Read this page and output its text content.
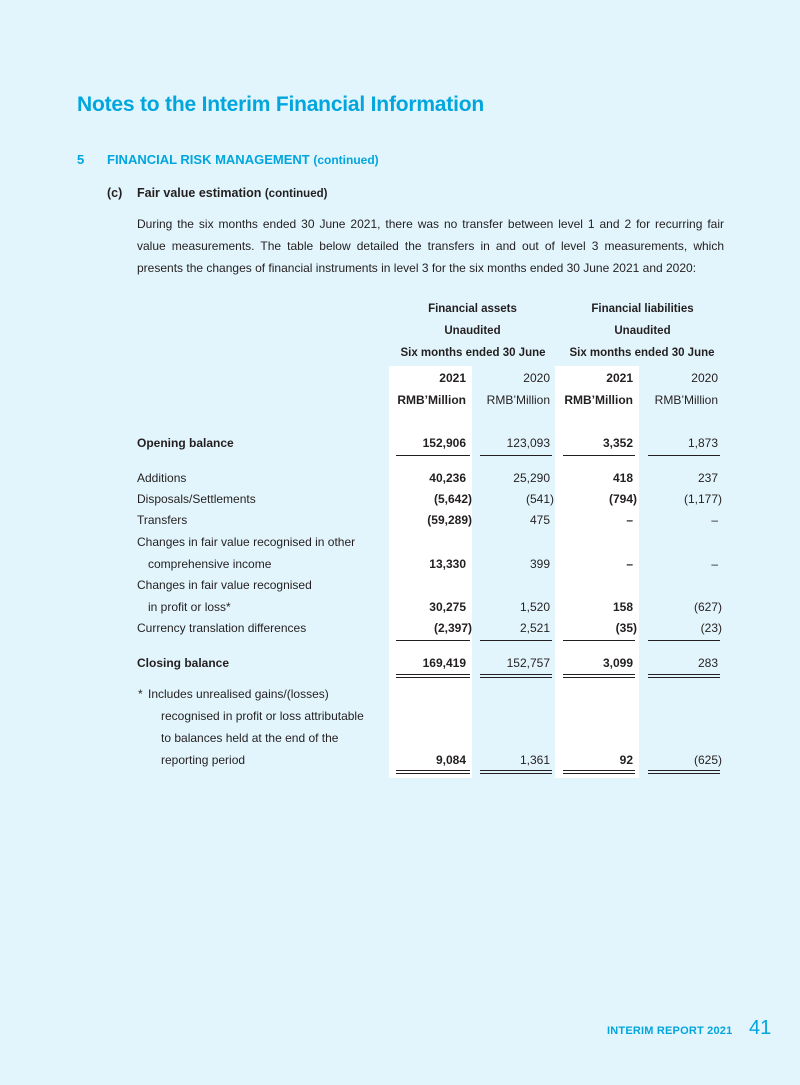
Notes to the Interim Financial Information
5 FINANCIAL RISK MANAGEMENT (continued)
(c) Fair value estimation (continued)
During the six months ended 30 June 2021, there was no transfer between level 1 and 2 for recurring fair value measurements. The table below detailed the transfers in and out of level 3 measurements, which presents the changes of financial instruments in level 3 for the six months ended 30 June 2021 and 2020:
Financial assets
Unaudited
Six months ended 30 June
Financial liabilities
Unaudited
Six months ended 30 June
2021	2020	2021	2020
RMB’Million	RMB’Million	RMB’Million	RMB’Million
Opening balance	152,906	123,093	3,352	1,873
Additions	40,236	25,290	418	237
Disposals/Settlements	(5,642)	(541)	(794)	(1,177)
Transfers	(59,289)	475	–	–
Changes in fair value recognised in other
comprehensive income	13,330	399	–	–
Changes in fair value recognised
in profit or loss*	30,275	1,520	158	(627)
Currency translation differences	(2,397)	2,521	(35)	(23)
Closing balance	169,419	152,757	3,099	283
* Includes unrealised gains/(losses)
recognised in profit or loss attributable
to balances held at the end of the
reporting period	9,084	1,361	92	(625)
INTERIM REPORT 2021 41
